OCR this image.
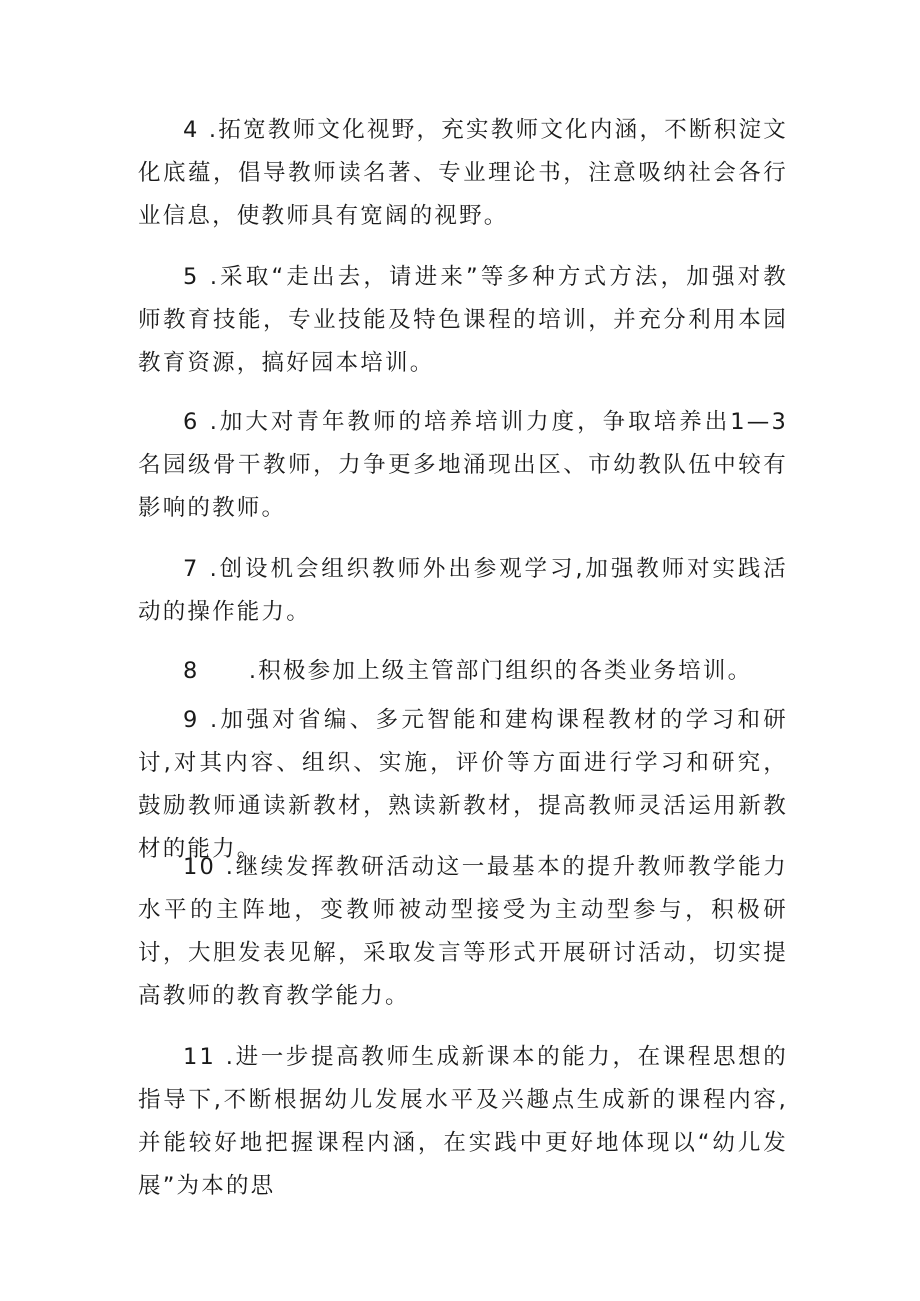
4 .拓宽教师文化视野，充实教师文化内涵，不断积淀文化底蕴，倡导教师读名著、专业理论书，注意吸纳社会各行业信息，使教师具有宽阔的视野。

5 .采取“走出去，请进来”等多种方式方法，加强对教师教育技能，专业技能及特色课程的培训，并充分利用本园教育资源，搞好园本培训。

6 .加大对青年教师的培养培训力度，争取培养出1—3名园级骨干教师，力争更多地涌现出区、市幼教队伍中较有影响的教师。

7 .创设机会组织教师外出参观学习,加强教师对实践活动的操作能力。

8　　.积极参加上级主管部门组织的各类业务培训。

9 .加强对省编、多元智能和建构课程教材的学习和研讨,对其内容、组织、实施，评价等方面进行学习和研究，鼓励教师通读新教材，熟读新教材，提高教师灵活运用新教材的能力。

10 .继续发挥教研活动这一最基本的提升教师教学能力水平的主阵地，变教师被动型接受为主动型参与，积极研讨，大胆发表见解，采取发言等形式开展研讨活动，切实提高教师的教育教学能力。

11 .进一步提高教师生成新课本的能力，在课程思想的指导下,不断根据幼儿发展水平及兴趣点生成新的课程内容,并能较好地把握课程内涵，在实践中更好地体现以“幼儿发展”为本的思
